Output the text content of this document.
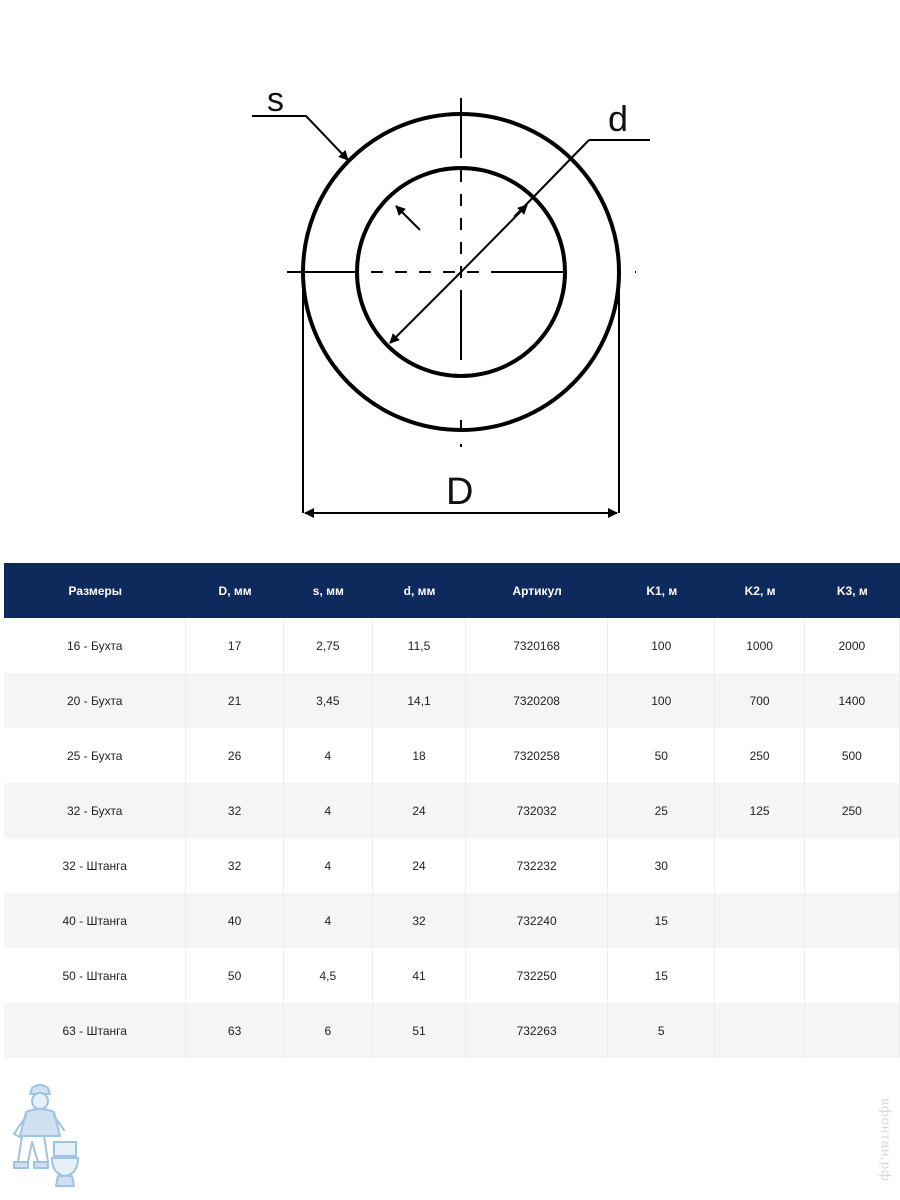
s	d
D
Размеры	D, мм	s, мм	d, мм	Артикул	K1, м	K2, м	K3, м
16 - Бухта	17	2,75	11,5	7320168	100	1000	2000
20 - Бухта	21	3,45	14,1	7320208	100	700	1400
25 - Бухта	26	4	18	7320258	50	250	500
32 - Бухта	32	4	24	732032	25	125	250
32 - Штанга	32	4	24	732232	30		
40 - Штанга	40	4	32	732240	15		
50 - Штанга	50	4,5	41	732250	15		
63 - Штанга	63	6	51	732263	5		
вфонтан.рф
